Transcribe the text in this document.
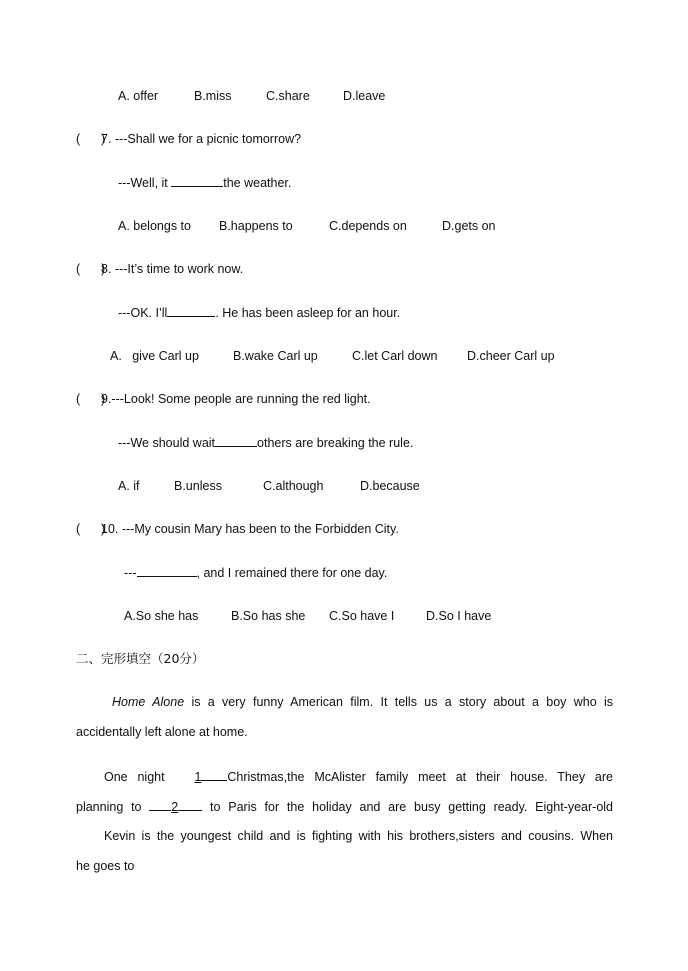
A. offer	B.miss	C.share	D.leave
(      )
7. ---Shall we for a picnic tomorrow?
---Well, it	the weather.
A. belongs to B.happens to	C.depends on	D.gets on
(      )
8. ---It’s time to work now.
---OK. I’ll	. He has been asleep for an hour.
A.   give Carl up	B.wake Carl up	C.let Carl down D.cheer Carl up
(      )
9.---Look! Some people are running the red light.
---We should wait	others are breaking the rule.
A. if	B.unless	C.although	D.because
(      )
10. ---My cousin Mary has been to the Forbidden City.
---	, and I remained there for one day.
A.So she has	B.So has she C.So have I	D.So I have
二、完形填空（20分）
Home Alone is a very funny American film. It tells us a story about a boy who is
accidentally left alone at home.
One night 1 Christmas,the McAlister family meet at their house. They are
planning to 2 to Paris for the holiday and are busy getting ready. Eight-year-old
Kevin is the youngest child and is fighting with his brothers,sisters and cousins. When
he goes to
